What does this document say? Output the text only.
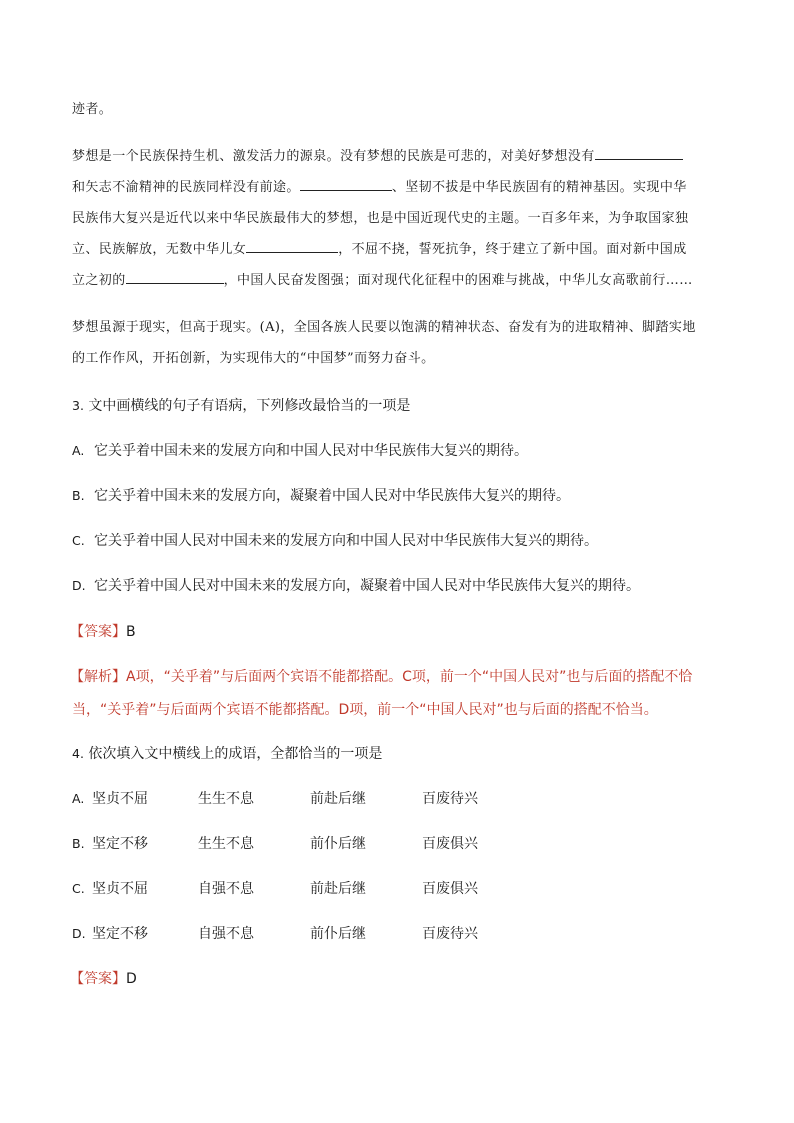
迹者。
梦想是一个民族保持生机、激发活力的源泉。没有梦想的民族是可悲的，对美好梦想没有
和矢志不渝精神的民族同样没有前途。	、坚韧不拔是中华民族固有的精神基因。实现中华
民族伟大复兴是近代以来中华民族最伟大的梦想，也是中国近现代史的主题。一百多年来，为争取国家独
立、民族解放，无数中华儿女	，不屈不挠，誓死抗争，终于建立了新中国。面对新中国成
立之初的	，中国人民奋发图强；面对现代化征程中的困难与挑战，中华儿女高歌前行……
梦想虽源于现实，但高于现实。(A)，全国各族人民要以饱满的精神状态、奋发有为的进取精神、脚踏实地
的工作作风，开拓创新，为实现伟大的“中国梦”而努力奋斗。
3. 文中画横线的句子有语病，下列修改最恰当的一项是
A. 它关乎着中国未来的发展方向和中国人民对中华民族伟大复兴的期待。
B. 它关乎着中国未来的发展方向，凝聚着中国人民对中华民族伟大复兴的期待。
C. 它关乎着中国人民对中国未来的发展方向和中国人民对中华民族伟大复兴的期待。
D. 它关乎着中国人民对中国未来的发展方向，凝聚着中国人民对中华民族伟大复兴的期待。
【答案】B
【解析】A项，“关乎着”与后面两个宾语不能都搭配。C项，前一个“中国人民对”也与后面的搭配不恰
当，“关乎着”与后面两个宾语不能都搭配。D项，前一个“中国人民对”也与后面的搭配不恰当。
4. 依次填入文中横线上的成语，全都恰当的一项是
A. 坚贞不屈	生生不息	前赴后继	百废待兴
B. 坚定不移	生生不息	前仆后继	百废俱兴
C. 坚贞不屈	自强不息	前赴后继	百废俱兴
D. 坚定不移	自强不息	前仆后继	百废待兴
【答案】D
